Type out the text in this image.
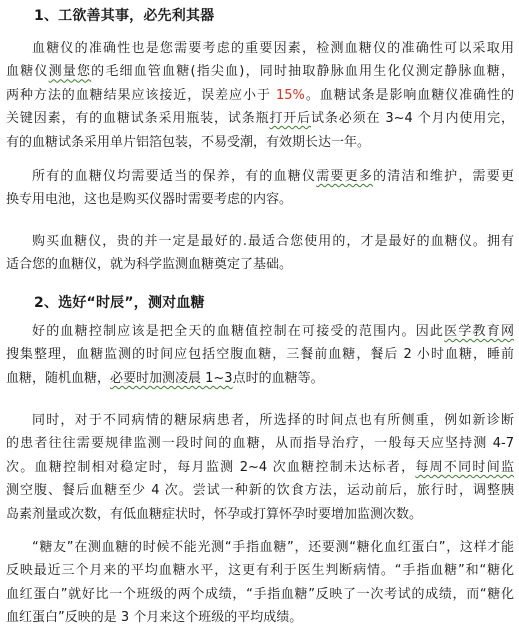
1、工欲善其事，必先利其器
血糖仪的准确性也是您需要考虑的重要因素，检测血糖仪的准确性可以采取用
血糖仪测量您的毛细血管血糖(指尖血)，同时抽取静脉血用生化仪测定静脉血糖，
两种方法的血糖结果应该接近，误差应小于 15%。血糖试条是影响血糖仪准确性的
关键因素，有的血糖试条采用瓶装，试条瓶打开后试条必须在 3~4 个月内使用完，
有的血糖试条采用单片铝箔包装，不易受潮，有效期长达一年。
所有的血糖仪均需要适当的保养，有的血糖仪需要更多的清洁和维护，需要更
换专用电池，这也是购买仪器时需要考虑的内容。
购买血糖仪，贵的并一定是最好的.最适合您使用的，才是最好的血糖仪。拥有
适合您的血糖仪，就为科学监测血糖奠定了基础。
2、选好“时辰”，测对血糖
好的血糖控制应该是把全天的血糖值控制在可接受的范围内。因此医学教育网
搜集整理，血糖监测的时间应包括空腹血糖，三餐前血糖，餐后 2 小时血糖，睡前
血糖，随机血糖，必要时加测凌晨 1~3点时的血糖等。
同时，对于不同病情的糖尿病患者，所选择的时间点也有所侧重，例如新诊断
的患者往往需要规律监测一段时间的血糖，从而指导治疗，一般每天应坚持测 4-7
次。血糖控制相对稳定时，每月监测 2~4 次血糖控制未达标者，每周不同时间监
测空腹、餐后血糖至少 4 次。尝试一种新的饮食方法，运动前后，旅行时，调整胰
岛素剂量或次数，有低血糖症状时，怀孕或打算怀孕时要增加监测次数。
“糖友”在测血糖的时候不能光测“手指血糖”，还要测“糖化血红蛋白”，这样才能
反映最近三个月来的平均血糖水平，这更有利于医生判断病情。“手指血糖”和“糖化
血红蛋白”就好比一个班级的两个成绩，“手指血糖”反映了一次考试的成绩，而“糖化
血红蛋白”反映的是 3 个月来这个班级的平均成绩。
